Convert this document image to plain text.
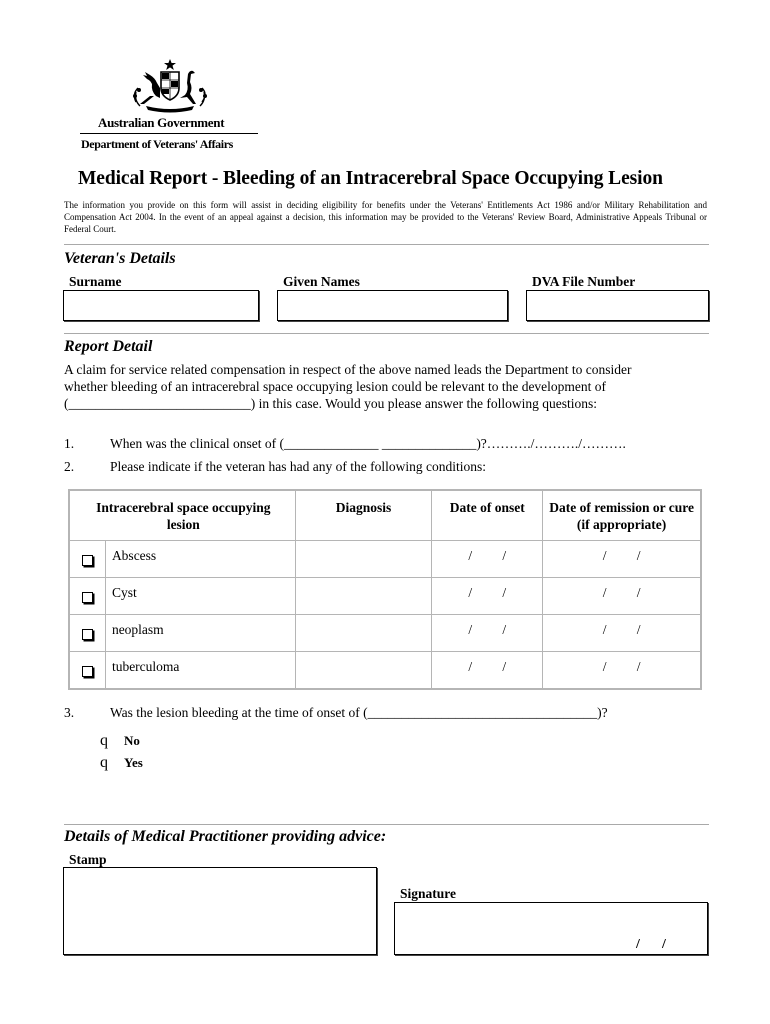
Australian Government
Department of Veterans' Affairs
Medical Report - Bleeding of an Intracerebral Space Occupying Lesion
The information you provide on this form will assist in deciding eligibility for benefits under the Veterans' Entitlements Act 1986 and/or Military Rehabilitation and Compensation Act 2004. In the event of an appeal against a decision, this information may be provided to the Veterans' Review Board, Administrative Appeals Tribunal or Federal Court.
Veteran's Details
Surname	Given Names	DVA File Number
Report Detail
A claim for service related compensation in respect of the above named leads the Department to consider whether bleeding of an intracerebral space occupying lesion could be relevant to the development of (___________________________) in this case. Would you please answer the following questions:
1.	When was the clinical onset of (______________ ______________)?………./………./……….
2.	Please indicate if the veteran has had any of the following conditions:
Intracerebral space occupying lesion		Diagnosis	Date of onset	Date of remission or cure (if appropriate)
	Abscess		/ /	/ /
	Cyst		/ /	/ /
	neoplasm		/ /	/ /
	tuberculoma		/ /	/ /
3.	Was the lesion bleeding at the time of onset of (__________________________________)?
q No
q Yes
Details of Medical Practitioner providing advice:
Stamp
Signature
/ /
